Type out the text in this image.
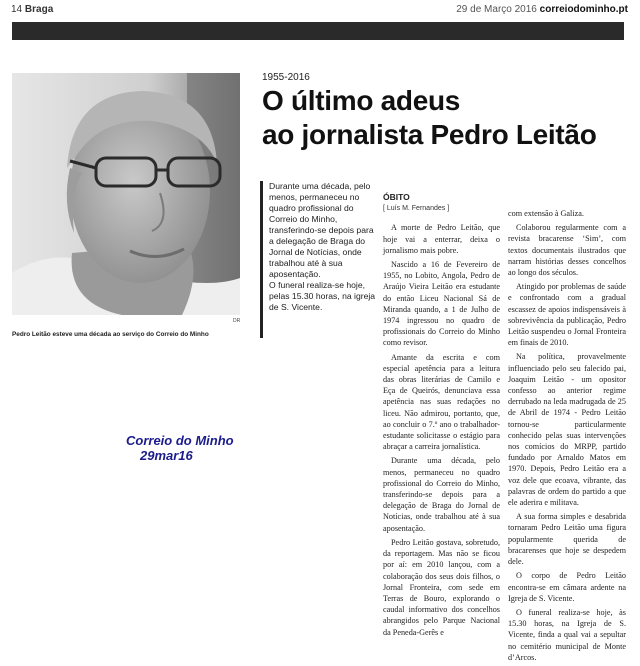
14 Braga	29 de Março 2016 correiodominho.pt
DR
Pedro Leitão esteve uma década ao serviço do Correio do Minho
Correio do Minho
29mar16
1955-2016
O último adeus
ao jornalista Pedro Leitão

Durante uma década, pelo menos, permaneceu no quadro profissional do Correio do Minho, transferindo-se depois para a delegação de Braga do Jornal de Notícias, onde trabalhou até à sua aposentação.

O funeral realiza-se hoje, pelas 15.30 horas, na igreja de S. Vicente.

ÓBITO

[ Luís M. Fernandes ]

A morte de Pedro Leitão, que hoje vai a enterrar, deixa o jornalismo mais pobre.

Nascido a 16 de Fevereiro de 1955, no Lobito, Angola, Pedro de Araújo Vieira Leitão era estudante do então Liceu Nacional Sá de Miranda quando, a 1 de Julho de 1974 ingressou no quadro de profissionais do Correio do Minho como revisor.

Amante da escrita e com especial apetência para a leitura das obras literárias de Camilo e Eça de Queirós, denunciava essa apetência nas suas redações no liceu. Não admirou, portanto, que, ao concluir o 7.º ano o trabalhador-estudante solicitasse o estágio para abraçar a carreira jornalística.

Durante uma década, pelo menos, permaneceu no quadro profissional do Correio do Minho, transferindo-se depois para a delegação de Braga do Jornal de Notícias, onde trabalhou até à sua aposentação.

Pedro Leitão gostava, sobretudo, da reportagem. Mas não se ficou por aí: em 2010 lançou, com a colaboração dos seus dois filhos, o Jornal Fronteira, com sede em Terras de Bouro, explorando o caudal informativo dos concelhos abrangidos pelo Parque Nacional da Peneda-Gerês e

com extensão à Galiza.

Colaborou regularmente com a revista bracarense ‘Sim’, com textos documentais ilustrados que narram histórias desses concelhos ao longo dos séculos.

Atingido por problemas de saúde e confrontado com a gradual escassez de apoios indispensáveis à sobrevivência da publicação, Pedro Leitão suspendeu o Jornal Fronteira em finais de 2010.

Na política, provavelmente influenciado pelo seu falecido pai, Joaquim Leitão - um opositor confesso ao anterior regime derrubado na leda madrugada de 25 de Abril de 1974 - Pedro Leitão tornou-se particularmente conhecido pelas suas intervenções nos comícios do MRPP, partido fundado por Arnaldo Matos em 1970. Depois, Pedro Leitão era a voz dele que ecoava, vibrante, das palavras de ordem do partido a que ele aderira e militava.

A sua forma simples e desabrida tornaram Pedro Leitão uma figura popularmente querida de bracarenses que hoje se despedem dele.

O corpo de Pedro Leitão encontra-se em câmara ardente na Igreja de S. Vicente.

O funeral realiza-se hoje, às 15.30 horas, na Igreja de S. Vicente, finda a qual vai a sepultar no cemitério municipal de Monte d’Arcos.
